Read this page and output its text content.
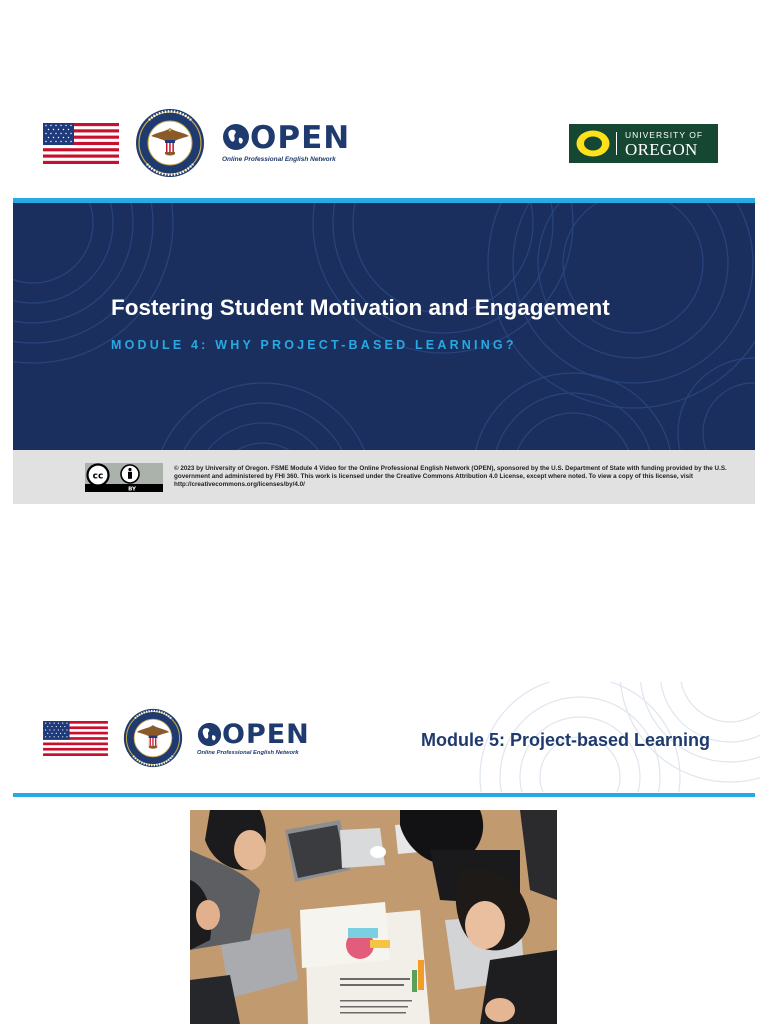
OPEN
Online Professional English Network
UNIVERSITY OF
OREGON
Fostering Student Motivation and Engagement
MODULE 4: WHY PROJECT-BASED LEARNING?
cc
BY
© 2023 by University of Oregon. FSME Module 4 Video for the Online Professional English Network (OPEN), sponsored by the U.S. Department of State with funding provided by the U.S. government and administered by FHI 360. This work is licensed under the Creative Commons Attribution 4.0 License, except where noted. To view a copy of this license, visit http://creativecommons.org/licenses/by/4.0/
OPEN
Online Professional English Network
Module 5: Project-based Learning
